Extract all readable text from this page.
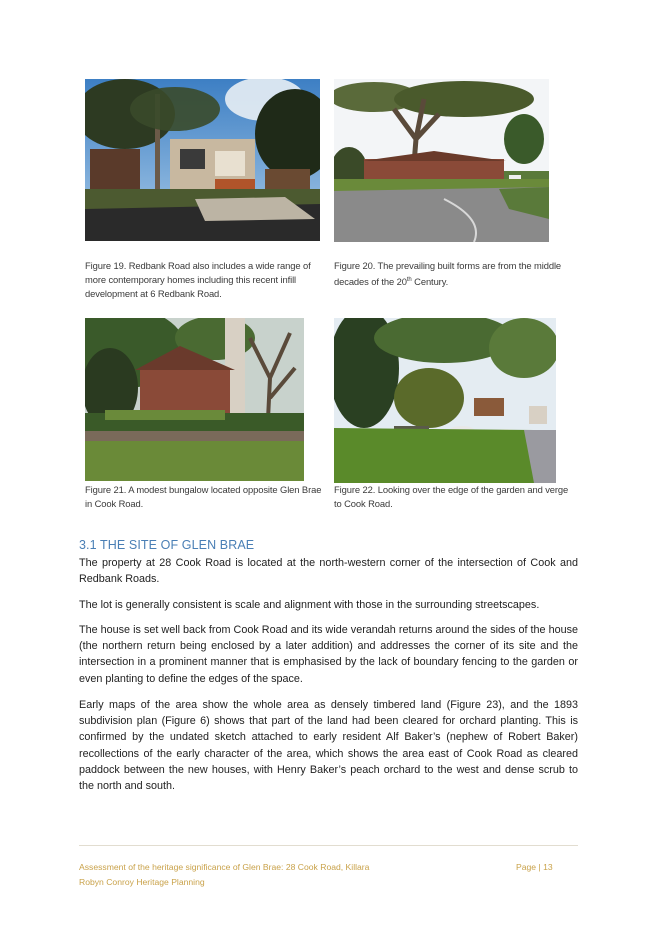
Figure 19. Redbank Road also includes a wide range of more contemporary homes including this recent infill development at 6 Redbank Road.
Figure 20. The prevailing built forms are from the middle decades of the 20th Century.
Figure 21. A modest bungalow located opposite Glen Brae in Cook Road.
Figure 22. Looking over the edge of the garden and verge to Cook Road.
3.1 THE SITE OF GLEN BRAE

The property at 28 Cook Road is located at the north-western corner of the intersection of Cook and Redbank Roads.

The lot is generally consistent is scale and alignment with those in the surrounding streetscapes.

The house is set well back from Cook Road and its wide verandah returns around the sides of the house (the northern return being enclosed by a later addition) and addresses the corner of its site and the intersection in a prominent manner that is emphasised by the lack of boundary fencing to the garden or even planting to define the edges of the space.

Early maps of the area show the whole area as densely timbered land (Figure 23), and the 1893 subdivision plan (Figure 6) shows that part of the land had been cleared for orchard planting. This is confirmed by the undated sketch attached to early resident Alf Baker’s (nephew of Robert Baker) recollections of the early character of the area, which shows the area east of Cook Road as cleared paddock between the new houses, with Henry Baker’s peach orchard to the west and dense scrub to the north and south.

Assessment of the heritage significance of Glen Brae: 28 Cook Road, Killara
Robyn Conroy Heritage Planning
Page | 13
